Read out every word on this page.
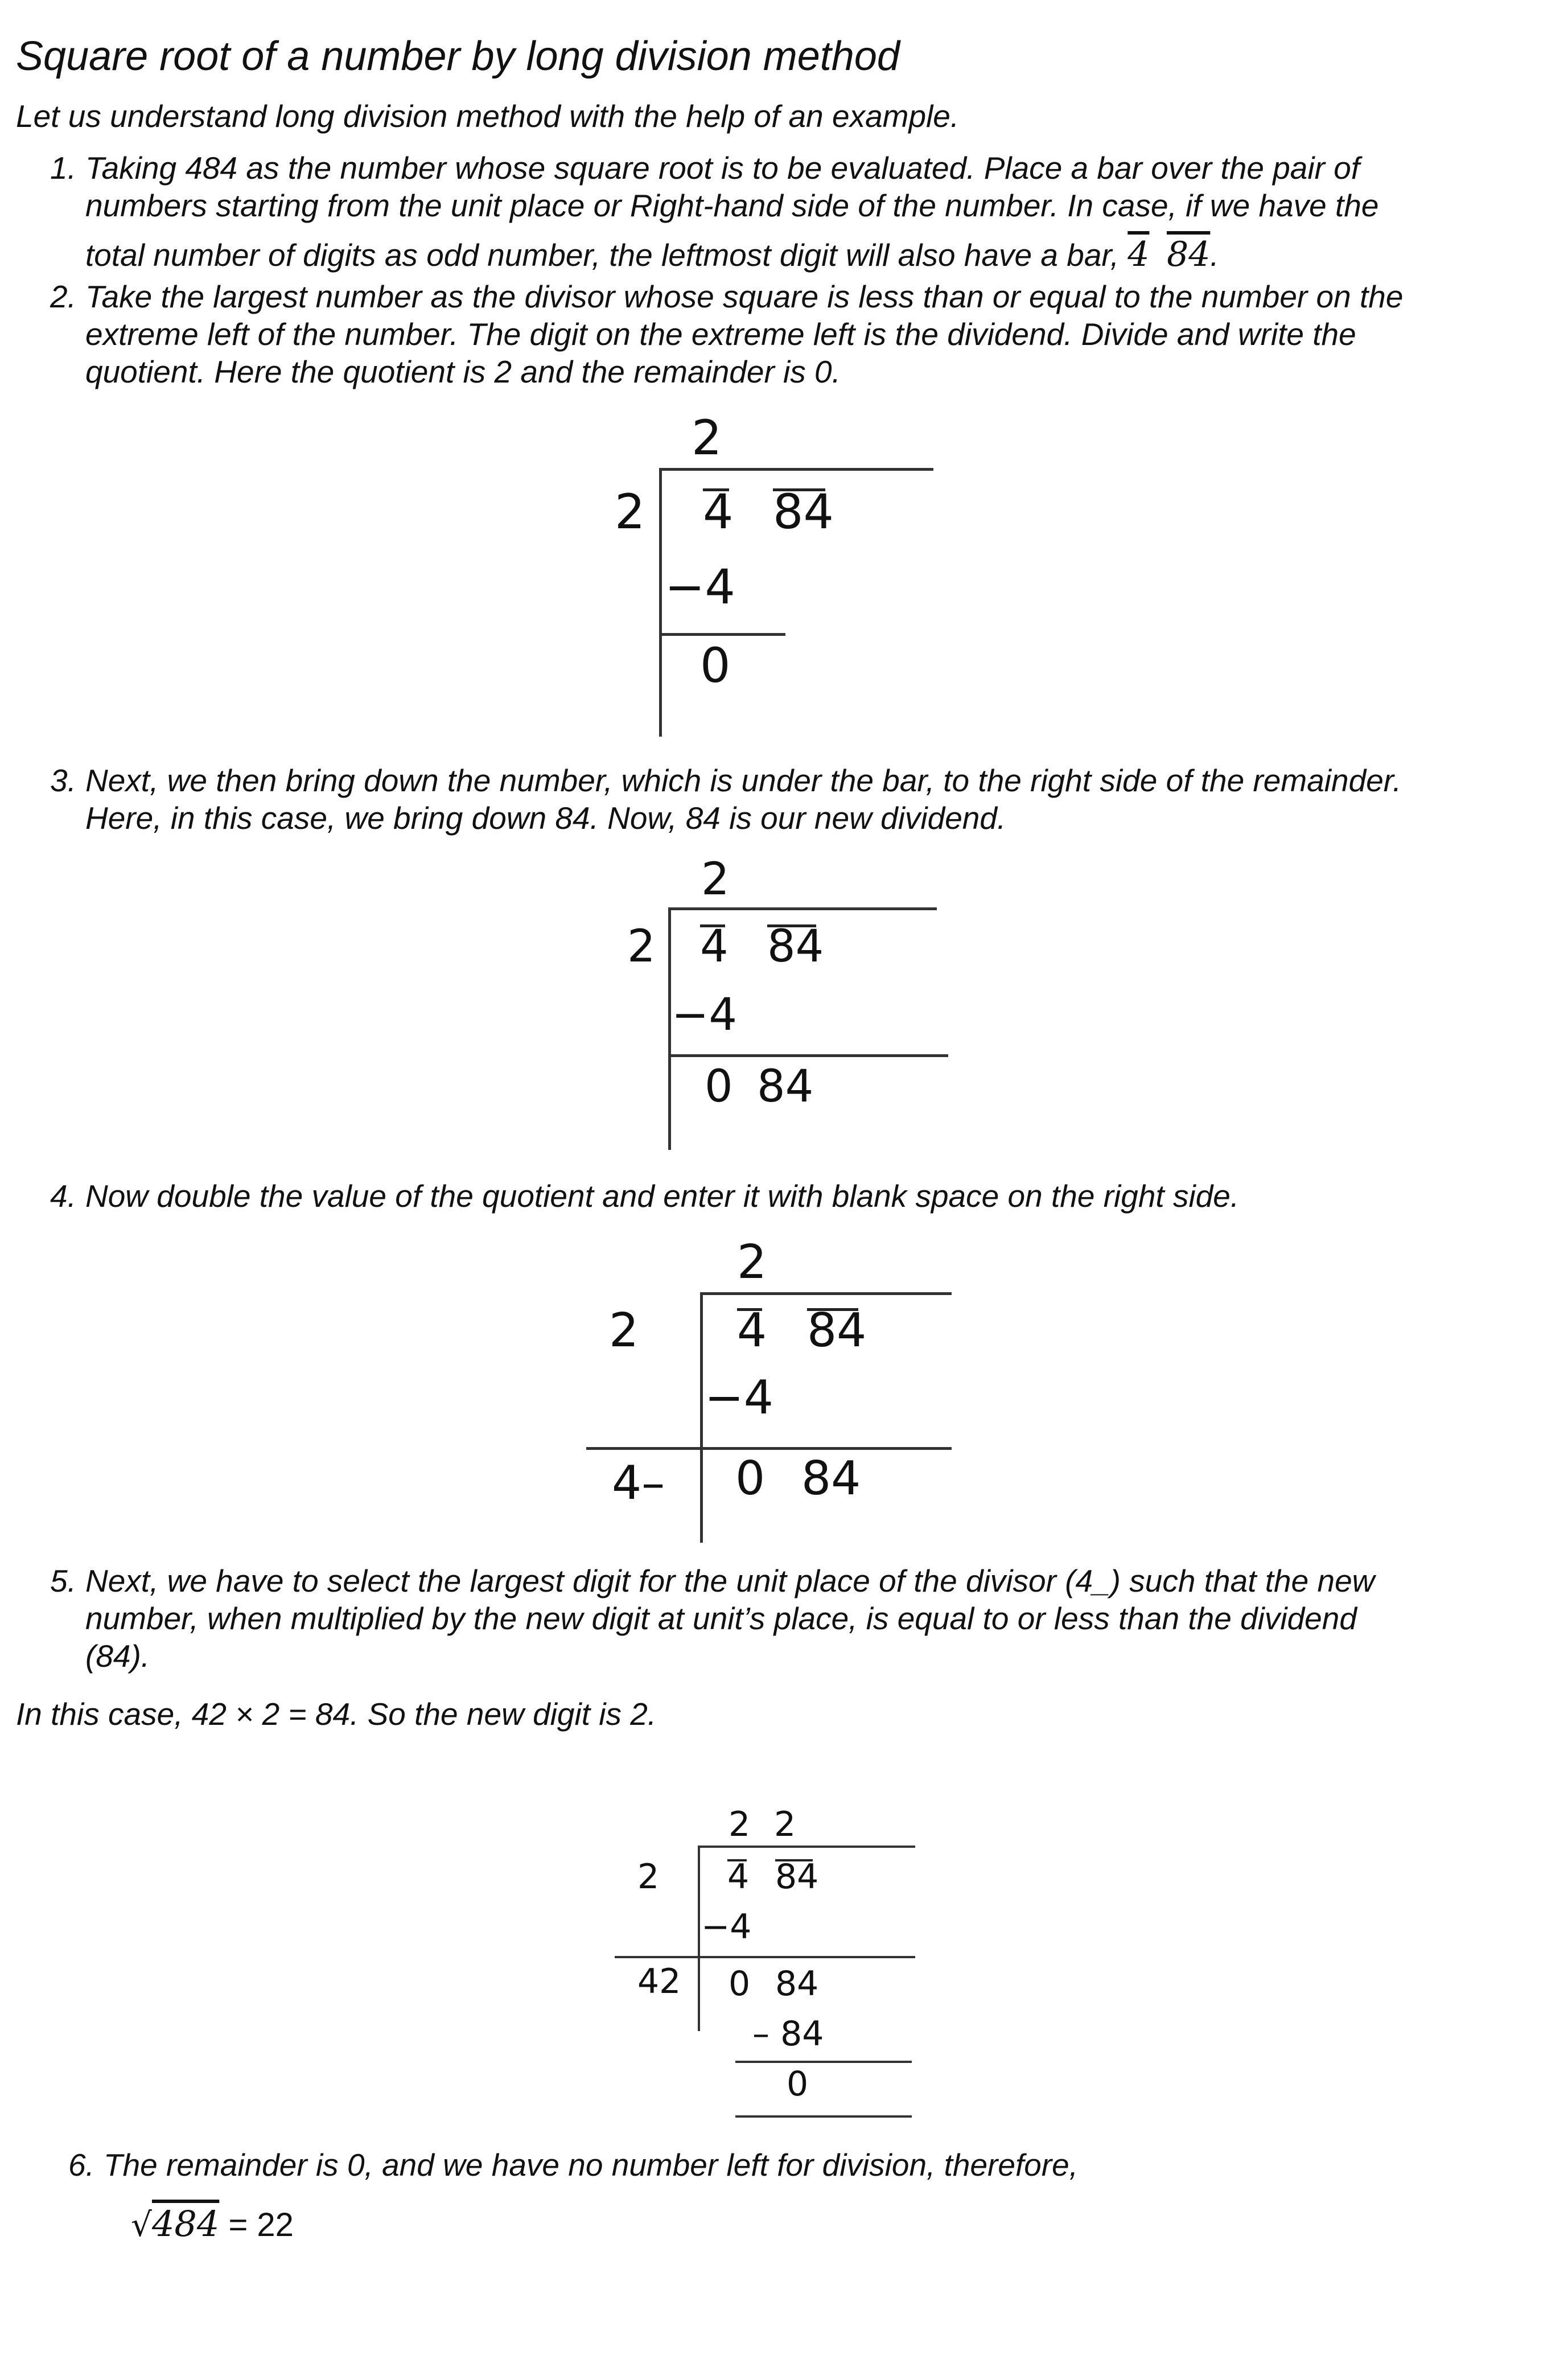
Square root of a number by long division method
Let us understand long division method with the help of an example.
1. Taking 484 as the number whose square root is to be evaluated. Place a bar over the pair of
numbers starting from the unit place or Right-hand side of the number. In case, if we have the
total number of digits as odd number, the leftmost digit will also have a bar, 4 84.
2. Take the largest number as the divisor whose square is less than or equal to the number on the
extreme left of the number. The digit on the extreme left is the dividend. Divide and write the
quotient. Here the quotient is 2 and the remainder is 0.
2
2 4 84
−4
0
3. Next, we then bring down the number, which is under the bar, to the right side of the remainder.
Here, in this case, we bring down 84. Now, 84 is our new dividend.
2
2 4 84
−4
0 84
4. Now double the value of the quotient and enter it with blank space on the right side.
2
2 4 84
−4
4– 0 84
5. Next, we have to select the largest digit for the unit place of the divisor (4_) such that the new
number, when multiplied by the new digit at unit’s place, is equal to or less than the dividend
(84).
In this case, 42 × 2 = 84. So the new digit is 2.
2 2
2 4 84
−4
42 0 84
– 84
0
6. The remainder is 0, and we have no number left for division, therefore,
√484 = 22
